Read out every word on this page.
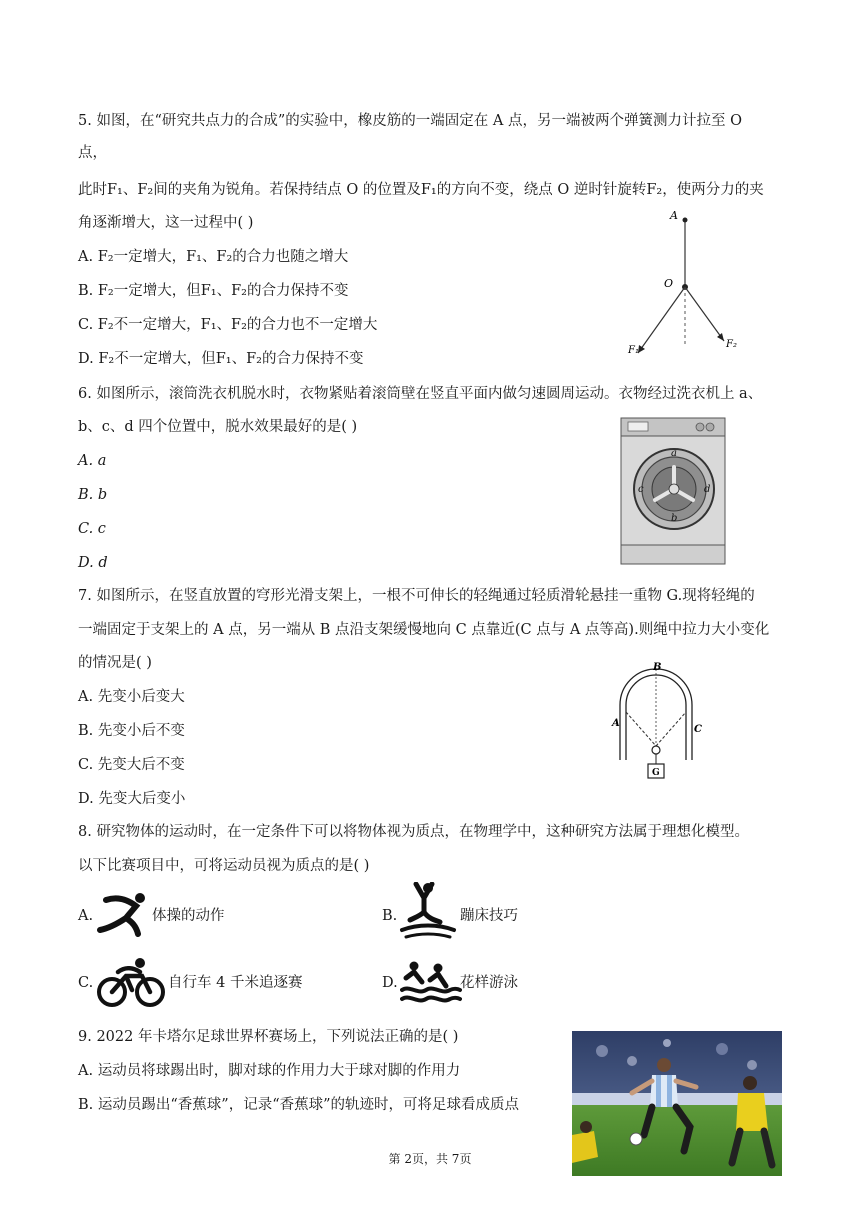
5. 如图，在“研究共点力的合成”的实验中，橡皮筋的一端固定在 A 点，另一端被两个弹簧测力计拉至 O
点，
此时F₁、F₂间的夹角为锐角。若保持结点 O 的位置及F₁的方向不变，绕点 O 逆时针旋转F₂，使两分力的夹
角逐渐增大，这一过程中( )
A. F₂一定增大，F₁、F₂的合力也随之增大
B. F₂一定增大，但F₁、F₂的合力保持不变
C. F₂不一定增大，F₁、F₂的合力也不一定增大
D. F₂不一定增大，但F₁、F₂的合力保持不变
A
O
F₁
F₂
6. 如图所示，滚筒洗衣机脱水时，衣物紧贴着滚筒壁在竖直平面内做匀速圆周运动。衣物经过洗衣机上 a、
b、c、d 四个位置中，脱水效果最好的是( )
A. a
B. b
C. c
D. d
a
b
c	d
7. 如图所示，在竖直放置的穹形光滑支架上，一根不可伸长的轻绳通过轻质滑轮悬挂一重物 G.现将轻绳的
一端固定于支架上的 A 点，另一端从 B 点沿支架缓慢地向 C 点靠近(C 点与 A 点等高).则绳中拉力大小变化
的情况是( )
A. 先变小后变大
B. 先变小后不变
C. 先变大后不变
D. 先变大后变小
B
A
C
G
8. 研究物体的运动时，在一定条件下可以将物体视为质点，在物理学中，这种研究方法属于理想化模型。
以下比赛项目中，可将运动员视为质点的是( )
A.	体操的动作	B.	蹦床技巧
C.	自行车 4 千米追逐赛	D.	花样游泳
9. 2022 年卡塔尔足球世界杯赛场上，下列说法正确的是( )
A. 运动员将球踢出时，脚对球的作用力大于球对脚的作用力
B. 运动员踢出“香蕉球”，记录“香蕉球”的轨迹时，可将足球看成质点
第 2页，共 7页
